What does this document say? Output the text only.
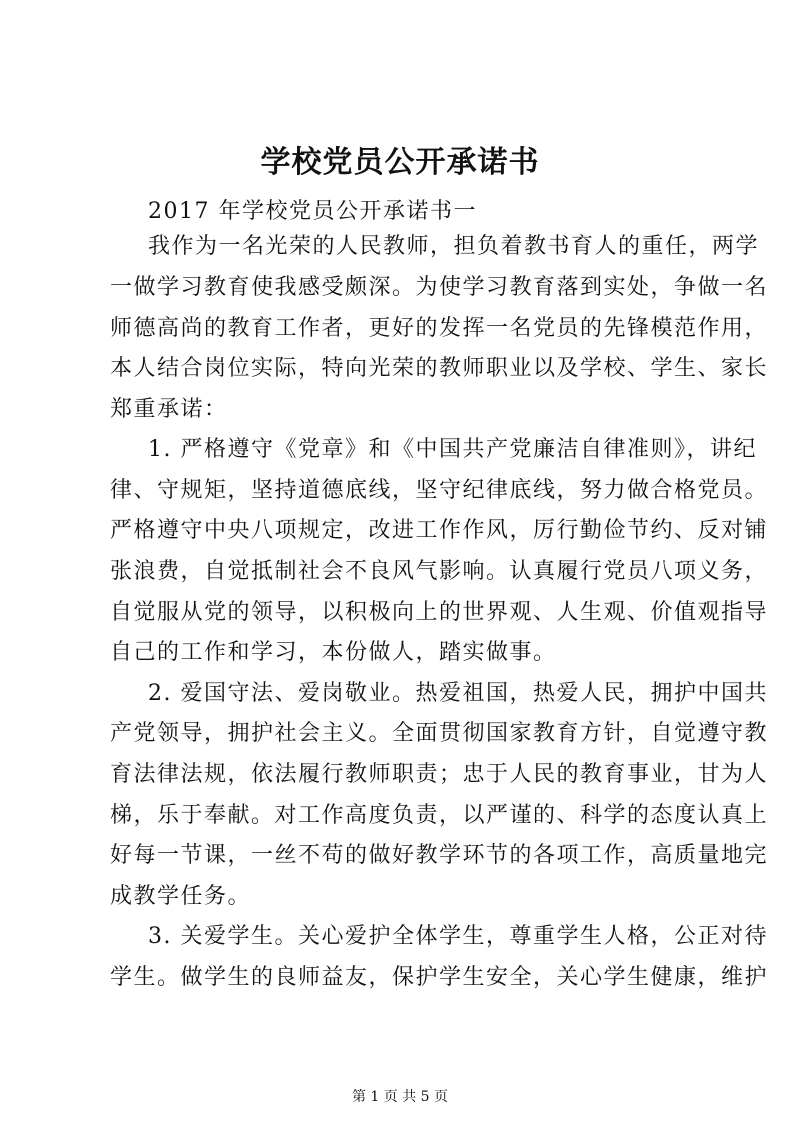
学校党员公开承诺书
2017 年学校党员公开承诺书一
我作为一名光荣的人民教师，担负着教书育人的重任，两学
一做学习教育使我感受颇深。为使学习教育落到实处，争做一名
师德高尚的教育工作者，更好的发挥一名党员的先锋模范作用，
本人结合岗位实际，特向光荣的教师职业以及学校、学生、家长
郑重承诺：
1. 严格遵守《党章》和《中国共产党廉洁自律准则》，讲纪
律、守规矩，坚持道德底线，坚守纪律底线，努力做合格党员。
严格遵守中央八项规定，改进工作作风，厉行勤俭节约、反对铺
张浪费，自觉抵制社会不良风气影响。认真履行党员八项义务，
自觉服从党的领导，以积极向上的世界观、人生观、价值观指导
自己的工作和学习，本份做人，踏实做事。
2. 爱国守法、爱岗敬业。热爱祖国，热爱人民，拥护中国共
产党领导，拥护社会主义。全面贯彻国家教育方针，自觉遵守教
育法律法规，依法履行教师职责；忠于人民的教育事业，甘为人
梯，乐于奉献。对工作高度负责，以严谨的、科学的态度认真上
好每一节课，一丝不苟的做好教学环节的各项工作，高质量地完
成教学任务。
3. 关爱学生。关心爱护全体学生，尊重学生人格，公正对待
学生。做学生的良师益友，保护学生安全，关心学生健康，维护
第 1 页 共 5 页
